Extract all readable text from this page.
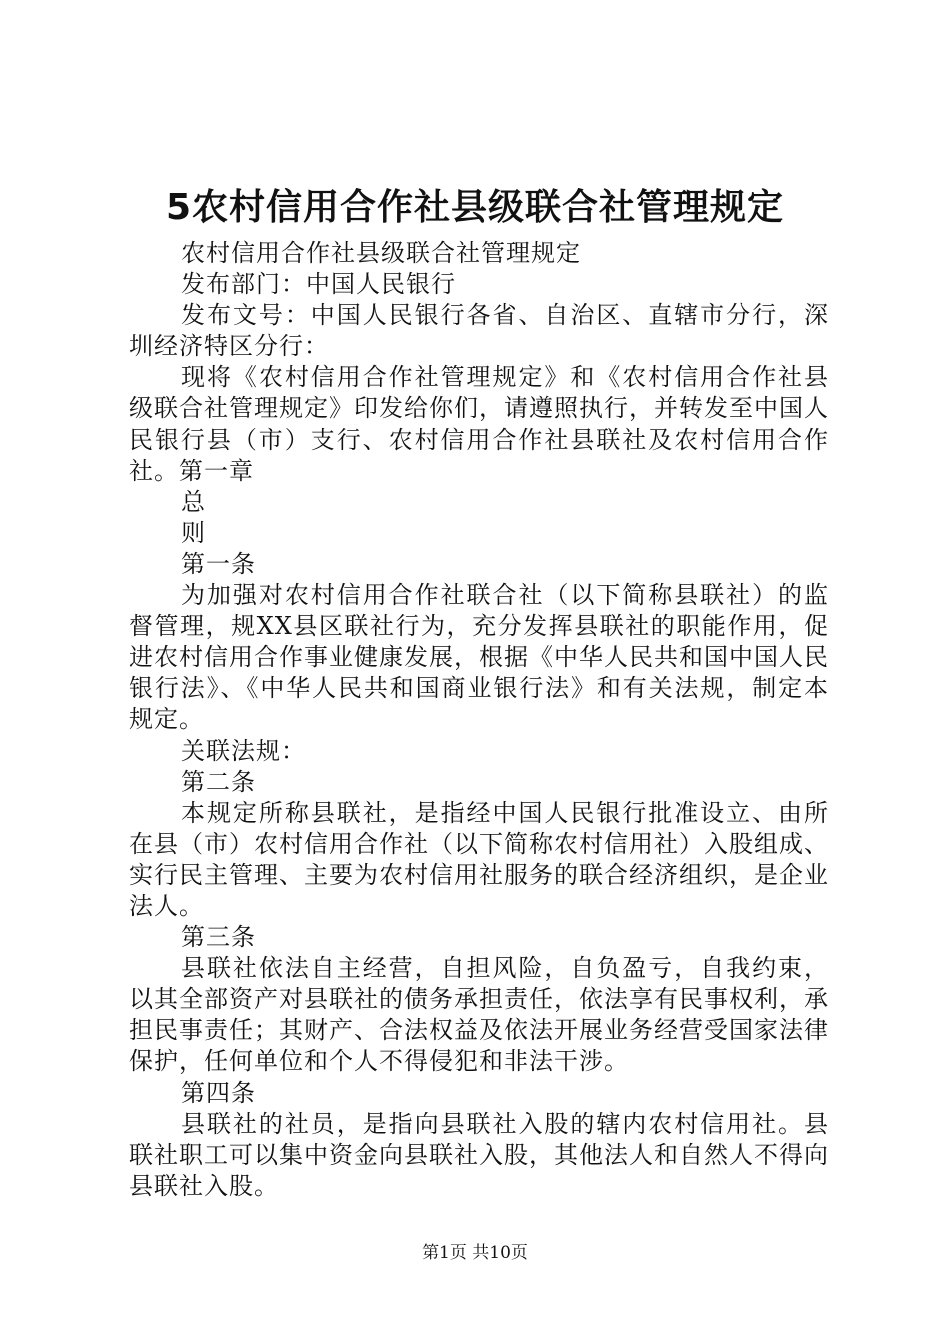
5农村信用合作社县级联合社管理规定

农村信用合作社县级联合社管理规定

发布部门：中国人民银行

发布文号：中国人民银行各省、自治区、直辖市分行，深圳经济特区分行：

现将《农村信用合作社管理规定》和《农村信用合作社县级联合社管理规定》印发给你们，请遵照执行，并转发至中国人民银行县（市）支行、农村信用合作社县联社及农村信用合作社。第一章

总

则

第一条

为加强对农村信用合作社联合社（以下简称县联社）的监督管理，规XX县区联社行为，充分发挥县联社的职能作用，促进农村信用合作事业健康发展，根据《中华人民共和国中国人民银行法》、《中华人民共和国商业银行法》和有关法规，制定本规定。

关联法规：

第二条

本规定所称县联社，是指经中国人民银行批准设立、由所在县（市）农村信用合作社（以下简称农村信用社）入股组成、实行民主管理、主要为农村信用社服务的联合经济组织，是企业法人。

第三条

县联社依法自主经营，自担风险，自负盈亏，自我约束，以其全部资产对县联社的债务承担责任，依法享有民事权利，承担民事责任；其财产、合法权益及依法开展业务经营受国家法律保护，任何单位和个人不得侵犯和非法干涉。

第四条

县联社的社员，是指向县联社入股的辖内农村信用社。县联社职工可以集中资金向县联社入股，其他法人和自然人不得向县联社入股。

第1页 共10页
